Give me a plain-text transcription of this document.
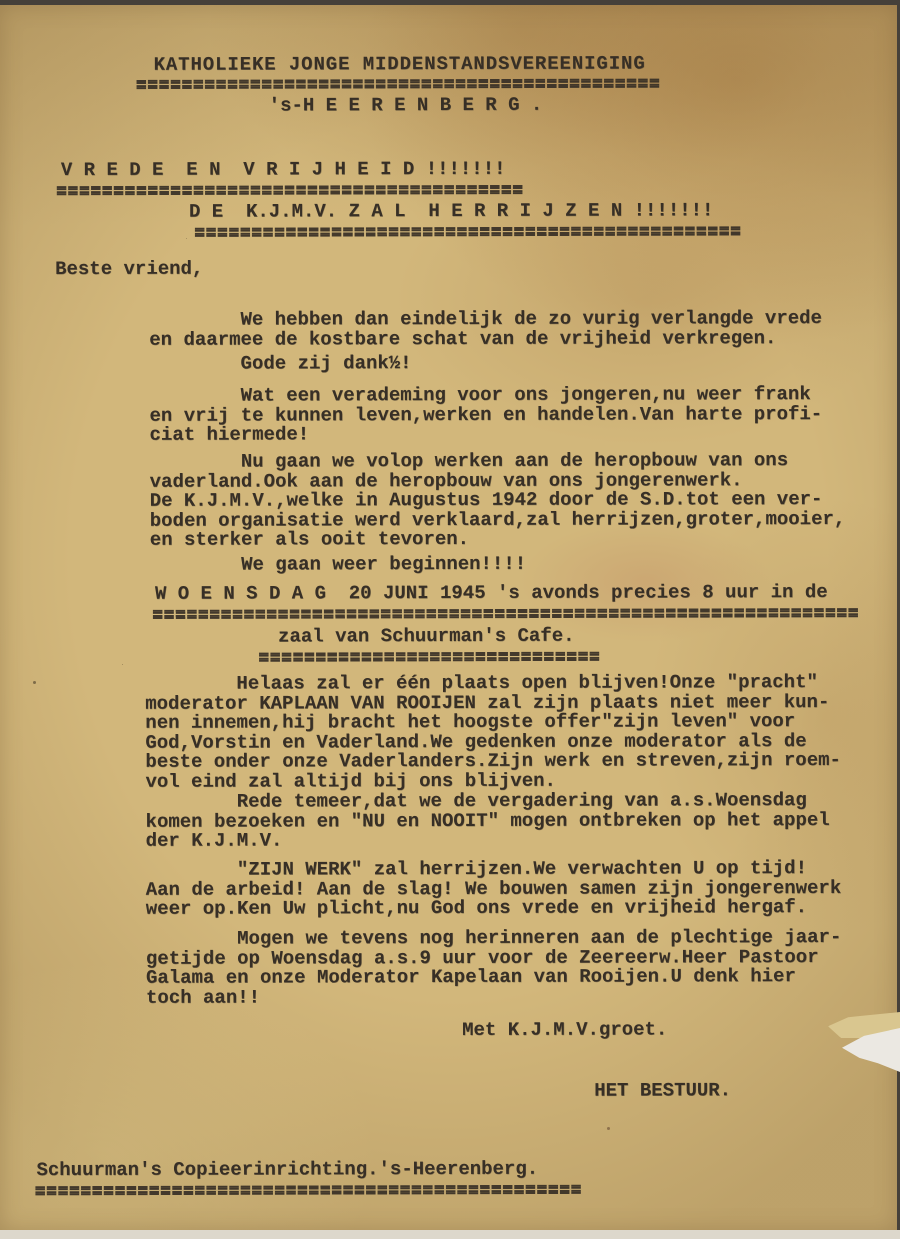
KATHOLIEKE JONGE MIDDENSTANDSVEREENIGING
==============================================
's-H E E R E N B E R G .
V R E D E  E N  V R I J H E I D !!!!!!!
=========================================
D E  K.J.M.V. Z A L  H E R R I J Z E N !!!!!!!
================================================
Beste vriend,
We hebben dan eindelijk de zo vurig verlangde vrede
en daarmee de kostbare schat van de vrijheid verkregen.
Gode zij dank½!
Wat een verademing voor ons jongeren,nu weer frank
en vrij te kunnen leven,werken en handelen.Van harte profi-
ciat hiermede!
Nu gaan we volop werken aan de heropbouw van ons
vaderland.Ook aan de heropbouw van ons jongerenwerk.
De K.J.M.V.,welke in Augustus 1942 door de S.D.tot een ver-
boden organisatie werd verklaard,zal herrijzen,groter,mooier,
en sterker als ooit tevoren.
We gaan weer beginnen!!!!
W O E N S D A G  20 JUNI 1945 's avonds precies 8 uur in de
==============================================================
zaal van Schuurman's Cafe.
==============================
Helaas zal er één plaats open blijven!Onze "pracht"
moderator KAPLAAN VAN ROOIJEN zal zijn plaats niet meer kun-
nen innemen,hij bracht het hoogste offer"zijn leven" voor
God,Vorstin en Vaderland.We gedenken onze moderator als de
beste onder onze Vaderlanders.Zijn werk en streven,zijn roem-
vol eind zal altijd bij ons blijven.
Rede temeer,dat we de vergadering van a.s.Woensdag
komen bezoeken en "NU en NOOIT" mogen ontbreken op het appel
der K.J.M.V.
"ZIJN WERK" zal herrijzen.We verwachten U op tijd!
Aan de arbeid! Aan de slag! We bouwen samen zijn jongerenwerk
weer op.Ken Uw plicht,nu God ons vrede en vrijheid hergaf.
Mogen we tevens nog herinneren aan de plechtige jaar-
getijde op Woensdag a.s.9 uur voor de Zeereerw.Heer Pastoor
Galama en onze Moderator Kapelaan van Rooijen.U denk hier
toch aan!!
Met K.J.M.V.groet.
HET BESTUUR.
Schuurman's Copieerinrichting.'s-Heerenberg.
================================================
